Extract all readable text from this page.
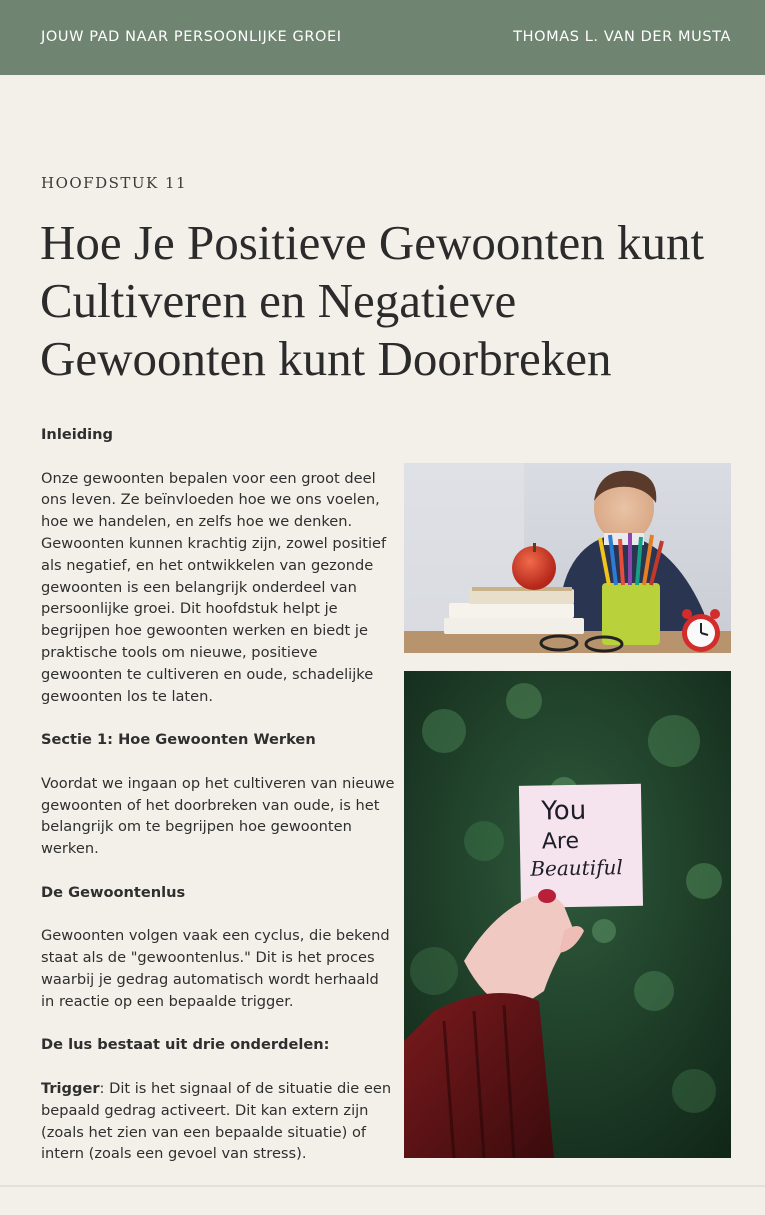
JOUW PAD NAAR PERSOONLIJKE GROEI	THOMAS L. VAN DER MUSTA
HOOFDSTUK 11
Hoe Je Positieve Gewoonten kunt Cultiveren en Negatieve Gewoonten kunt Doorbreken

Inleiding

Onze gewoonten bepalen voor een groot deel ons leven. Ze beïnvloeden hoe we ons voelen, hoe we handelen, en zelfs hoe we denken. Gewoonten kunnen krachtig zijn, zowel positief als negatief, en het ontwikkelen van gezonde gewoonten is een belangrijk onderdeel van persoonlijke groei. Dit hoofdstuk helpt je begrijpen hoe gewoonten werken en biedt je praktische tools om nieuwe, positieve gewoonten te cultiveren en oude, schadelijke gewoonten los te laten.

Sectie 1: Hoe Gewoonten Werken

Voordat we ingaan op het cultiveren van nieuwe gewoonten of het doorbreken van oude, is het belangrijk om te begrijpen hoe gewoonten werken.

De Gewoontenlus

Gewoonten volgen vaak een cyclus, die bekend staat als de "gewoontenlus." Dit is het proces waarbij je gedrag automatisch wordt herhaald in reactie op een bepaalde trigger.

De lus bestaat uit drie onderdelen:

Trigger: Dit is het signaal of de situatie die een bepaald gedrag activeert. Dit kan extern zijn (zoals het zien van een bepaalde situatie) of intern (zoals een gevoel van stress).

You
Are
Beautiful
